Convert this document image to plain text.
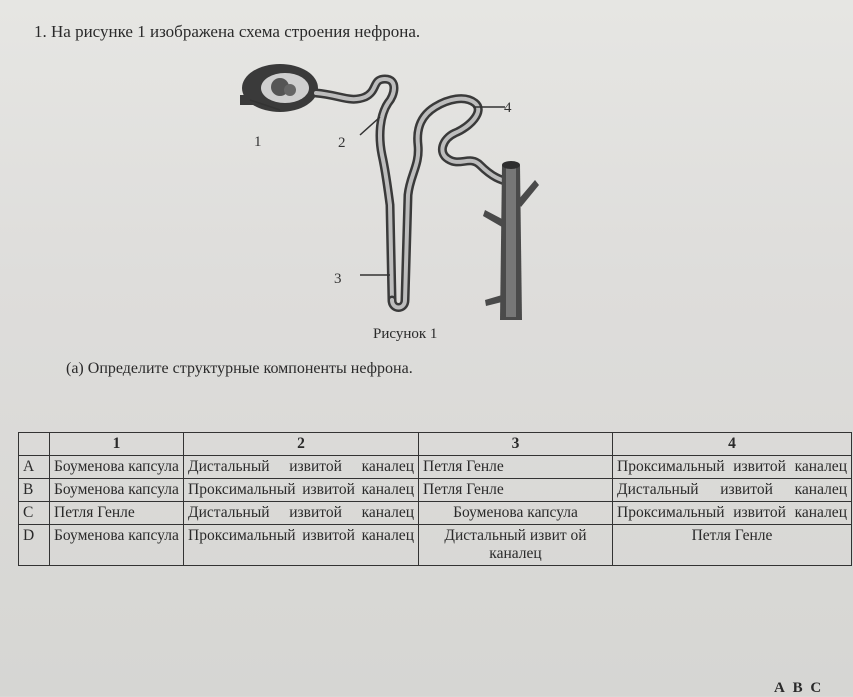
1. На рисунке 1 изображена схема строения нефрона.
1	2
3
4
Рисунок 1
(а) Определите структурные компоненты нефрона.
	1	2	3	4
A	Боуменова капсула	Дистальный извитой каналец	Петля Генле	Проксимальный извитой каналец
B	Боуменова капсула	Проксимальный извитой каналец	Петля Генле	Дистальный извитой каналец
C	Петля Генле	Дистальный извитой каналец	Боуменова капсула	Проксимальный извитой каналец
D	Боуменова капсула	Проксимальный извитой каналец	Дистальный извит ой каналец	Петля Генле
А В С
